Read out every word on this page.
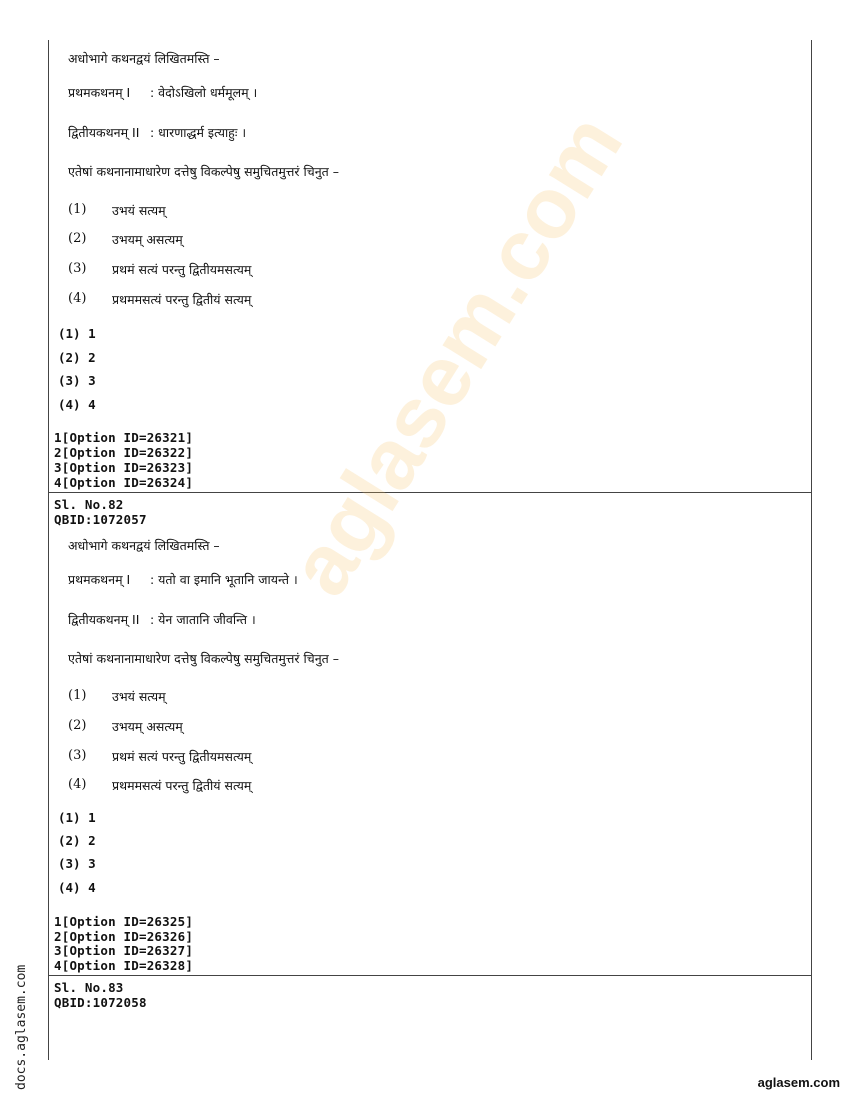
aglasem.com
अधोभागे कथनद्वयं लिखितमस्ति –
प्रथमकथनम् I : वेदोऽखिलो धर्ममूलम् ।
द्वितीयकथनम् II : धारणाद्धर्म इत्याहुः ।
एतेषां कथनानामाधारेण दत्तेषु विकल्पेषु समुचितमुत्तरं चिनुत –
(1) उभयं सत्यम्
(2) उभयम् असत्यम्
(3) प्रथमं सत्यं परन्तु द्वितीयमसत्यम्
(4) प्रथममसत्यं परन्तु द्वितीयं सत्यम्
(1) 1
(2) 2
(3) 3
(4) 4
1[Option ID=26321]
2[Option ID=26322]
3[Option ID=26323]
4[Option ID=26324]
Sl. No.82
QBID:1072057
अधोभागे कथनद्वयं लिखितमस्ति –
प्रथमकथनम् I : यतो वा इमानि भूतानि जायन्ते ।
द्वितीयकथनम् II : येन जातानि जीवन्ति ।
एतेषां कथनानामाधारेण दत्तेषु विकल्पेषु समुचितमुत्तरं चिनुत –
(1) उभयं सत्यम्
(2) उभयम् असत्यम्
(3) प्रथमं सत्यं परन्तु द्वितीयमसत्यम्
(4) प्रथममसत्यं परन्तु द्वितीयं सत्यम्
(1) 1
(2) 2
(3) 3
(4) 4
1[Option ID=26325]
2[Option ID=26326]
3[Option ID=26327]
4[Option ID=26328]
Sl. No.83
QBID:1072058
docs.aglasem.com	aglasem.com
